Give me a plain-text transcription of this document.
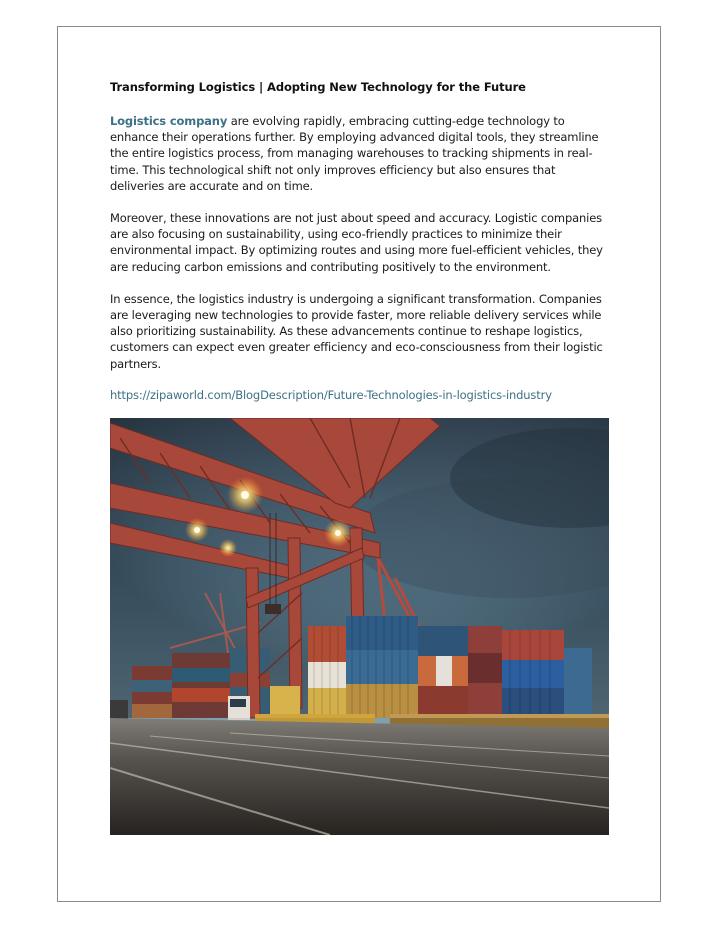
Transforming Logistics | Adopting New Technology for the Future

Logistics company are evolving rapidly, embracing cutting-edge technology to enhance their operations further. By employing advanced digital tools, they streamline the entire logistics process, from managing warehouses to tracking shipments in real-time. This technological shift not only improves efficiency but also ensures that deliveries are accurate and on time.

Moreover, these innovations are not just about speed and accuracy. Logistic companies are also focusing on sustainability, using eco-friendly practices to minimize their environmental impact. By optimizing routes and using more fuel-efficient vehicles, they are reducing carbon emissions and contributing positively to the environment.

In essence, the logistics industry is undergoing a significant transformation. Companies are leveraging new technologies to provide faster, more reliable delivery services while also prioritizing sustainability. As these advancements continue to reshape logistics, customers can expect even greater efficiency and eco-consciousness from their logistic partners.

https://zipaworld.com/BlogDescription/Future-Technologies-in-logistics-industry
